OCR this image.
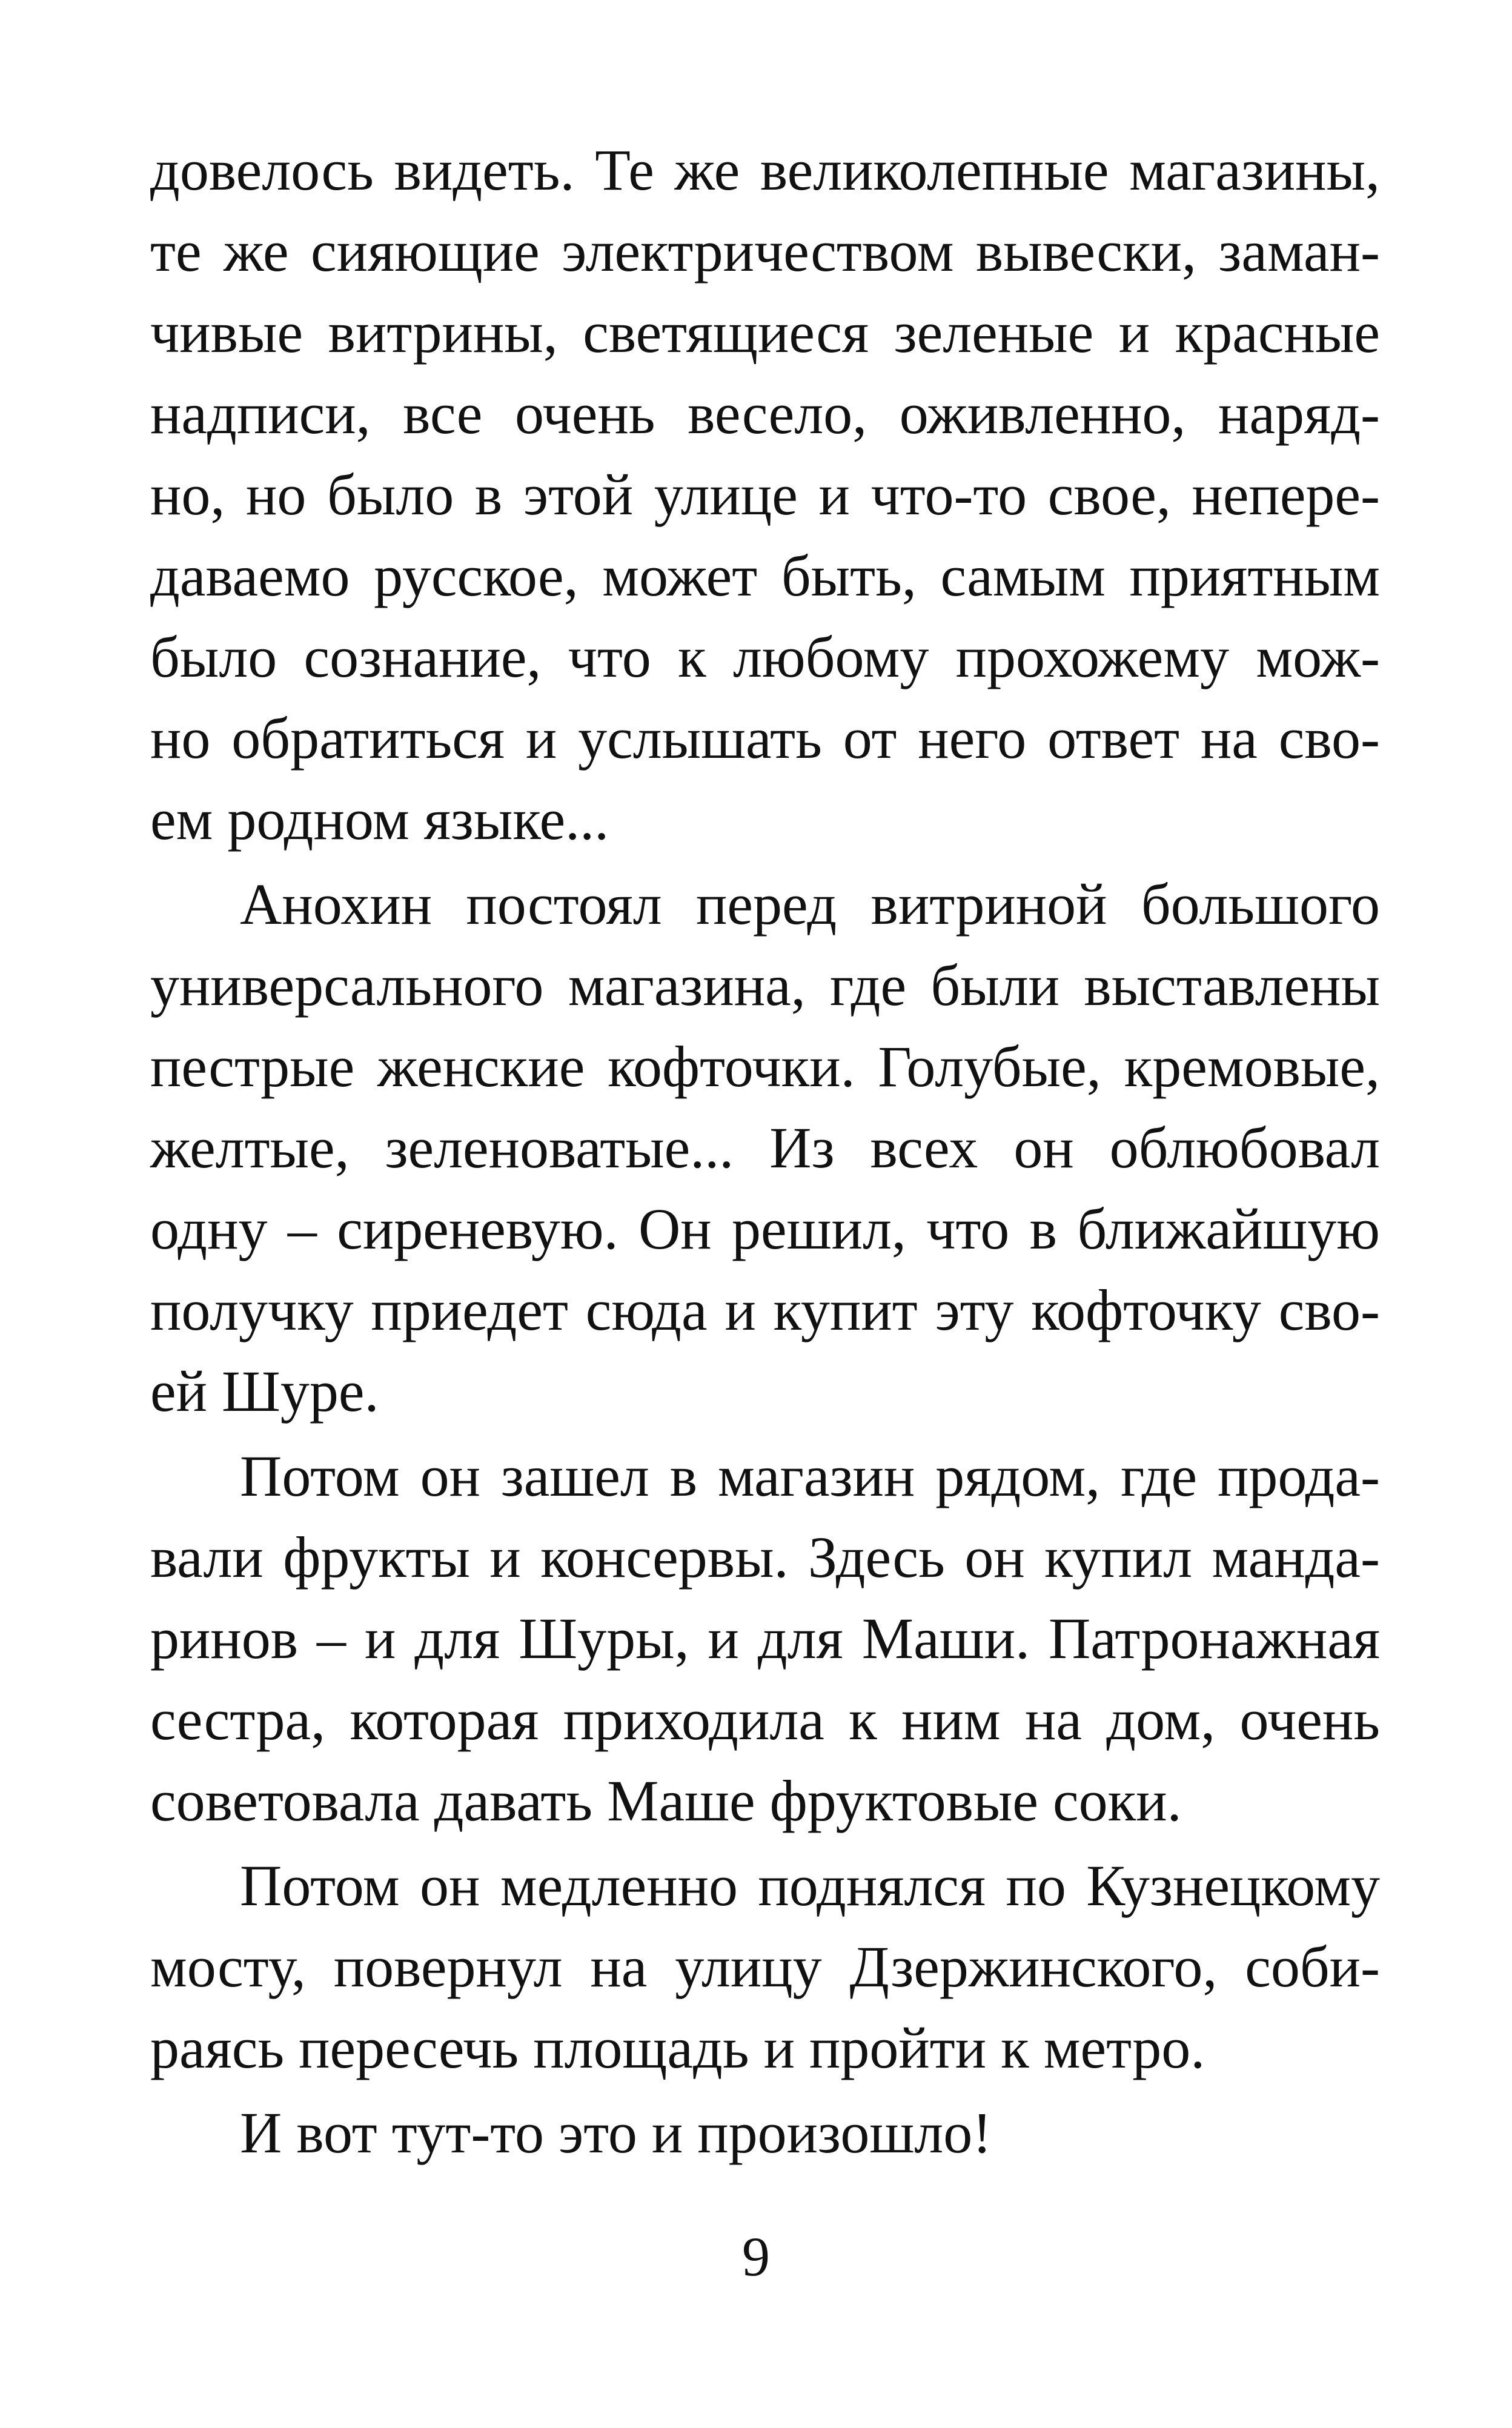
довелось видеть. Те же великолепные магазины,
те же сияющие электричеством вывески, заман-
чивые витрины, светящиеся зеленые и красные
надписи, все очень весело, оживленно, наряд-
но, но было в этой улице и что-то свое, непере-
даваемо русское, может быть, самым приятным
было сознание, что к любому прохожему мож-
но обратиться и услышать от него ответ на сво-
ем родном языке...
Анохин постоял перед витриной большого
универсального магазина, где были выставлены
пестрые женские кофточки. Голубые, кремовые,
желтые, зеленоватые... Из всех он облюбовал
одну – сиреневую. Он решил, что в ближайшую
получку приедет сюда и купит эту кофточку сво-
ей Шуре.
Потом он зашел в магазин рядом, где прода-
вали фрукты и консервы. Здесь он купил манда-
ринов – и для Шуры, и для Маши. Патронажная
сестра, которая приходила к ним на дом, очень
советовала давать Маше фруктовые соки.
Потом он медленно поднялся по Кузнецкому
мосту, повернул на улицу Дзержинского, соби-
раясь пересечь площадь и пройти к метро.
И вот тут-то это и произошло!
9
